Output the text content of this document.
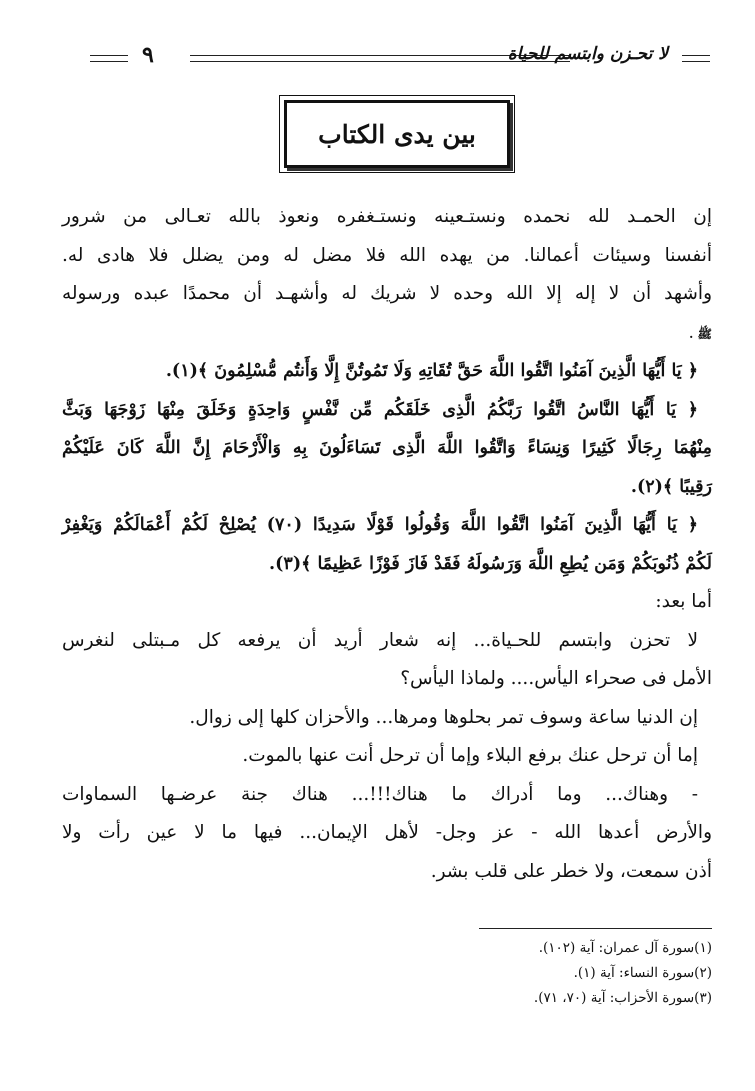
٩	لا تحـزن وابتسم للحياة
بين يدى الكتاب
إن الحمـد لله نحمده ونستـعينه ونستـغفره ونعوذ بالله تعـالى من شرور
أنفسنا وسيئات أعمالنا. من يهده الله فلا مضل له ومن يضلل فلا هادى له.
وأشهد أن لا إله إلا الله وحده لا شريك له وأشهـد أن محمدًا عبده ورسوله
ﷺ .
﴿ يَا أَيُّهَا الَّذِينَ آمَنُوا اتَّقُوا اللَّهَ حَقَّ تُقَاتِهِ وَلَا تَمُوتُنَّ إِلَّا وَأَنتُم مُّسْلِمُونَ ﴾(١).
﴿ يَا أَيُّهَا النَّاسُ اتَّقُوا رَبَّكُمُ الَّذِى خَلَقَكُم مِّن نَّفْسٍ وَاحِدَةٍ وَخَلَقَ مِنْهَا زَوْجَهَا وَبَثَّ
مِنْهُمَا رِجَالًا كَثِيرًا وَنِسَاءً وَاتَّقُوا اللَّهَ الَّذِى تَسَاءَلُونَ بِهِ وَالْأَرْحَامَ إِنَّ اللَّهَ كَانَ عَلَيْكُمْ
رَقِيبًا ﴾(٢).
﴿ يَا أَيُّهَا الَّذِينَ آمَنُوا اتَّقُوا اللَّهَ وَقُولُوا قَوْلًا سَدِيدًا (٧٠) يُصْلِحْ لَكُمْ أَعْمَالَكُمْ وَيَغْفِرْ
لَكُمْ ذُنُوبَكُمْ وَمَن يُطِعِ اللَّهَ وَرَسُولَهُ فَقَدْ فَازَ فَوْزًا عَظِيمًا ﴾(٣).
أما بعد:
لا تحزن وابتسم للحـياة... إنه شعار أريد أن يرفعه كل مـبتلى لنغرس
الأمل فى صحراء اليأس.... ولماذا اليأس؟
إن الدنيا ساعة وسوف تمر بحلوها ومرها... والأحزان كلها إلى زوال.
إما أن ترحل عنك برفع البلاء وإما أن ترحل أنت عنها بالموت.
- وهناك... وما أدراك ما هناك!!!... هناك جنة عرضـها السماوات
والأرض أعدها الله - عز وجل- لأهل الإيمان... فيها ما لا عين رأت ولا
أذن سمعت، ولا خطر على قلب بشر.
(١)سورة آل عمران: آية (١٠٢).
(٢)سورة النساء: آية (١).
(٣)سورة الأحزاب: آية (٧٠، ٧١).
